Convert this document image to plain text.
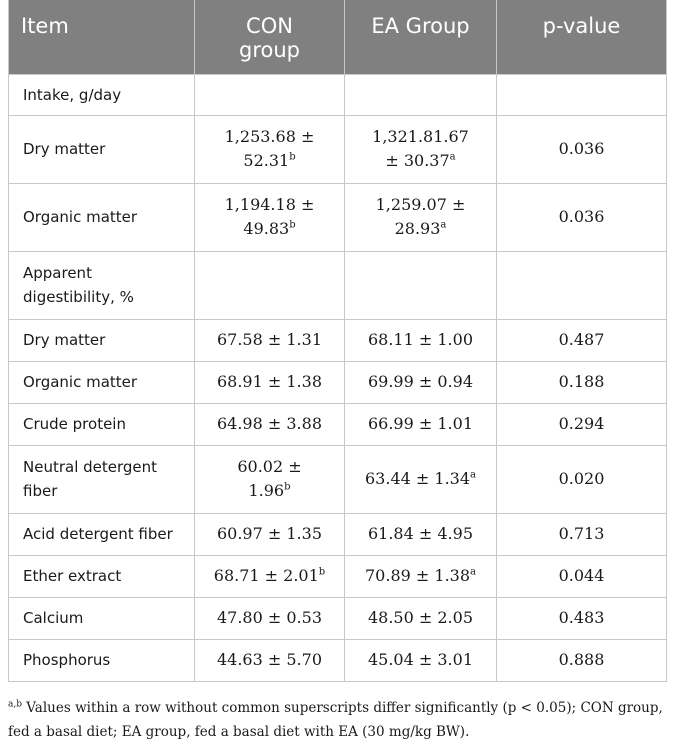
Item	CON group	EA Group	p-value
Intake, g/day			
Dry matter	1,253.68 ± 52.31$^b$	1,321.81.67 ± 30.37$^a$	0.036
Organic matter	1,194.18 ± 49.83$^b$	1,259.07 ± 28.93$^a$	0.036
Apparent digestibility, %			
Dry matter	67.58 ± 1.31	68.11 ± 1.00	0.487
Organic matter	68.91 ± 1.38	69.99 ± 0.94	0.188
Crude protein	64.98 ± 3.88	66.99 ± 1.01	0.294
Neutral detergent fiber	60.02 ± 1.96$^b$	63.44 ± 1.34$^a$	0.020
Acid detergent fiber	60.97 ± 1.35	61.84 ± 4.95	0.713
Ether extract	68.71 ± 2.01$^b$	70.89 ± 1.38$^a$	0.044
Calcium	47.80 ± 0.53	48.50 ± 2.05	0.483
Phosphorus	44.63 ± 5.70	45.04 ± 3.01	0.888

$^{a,b}$ Values within a row without common superscripts differ significantly (p < 0.05); CON group, fed a basal diet; EA group, fed a basal diet with EA (30 mg/kg BW).
